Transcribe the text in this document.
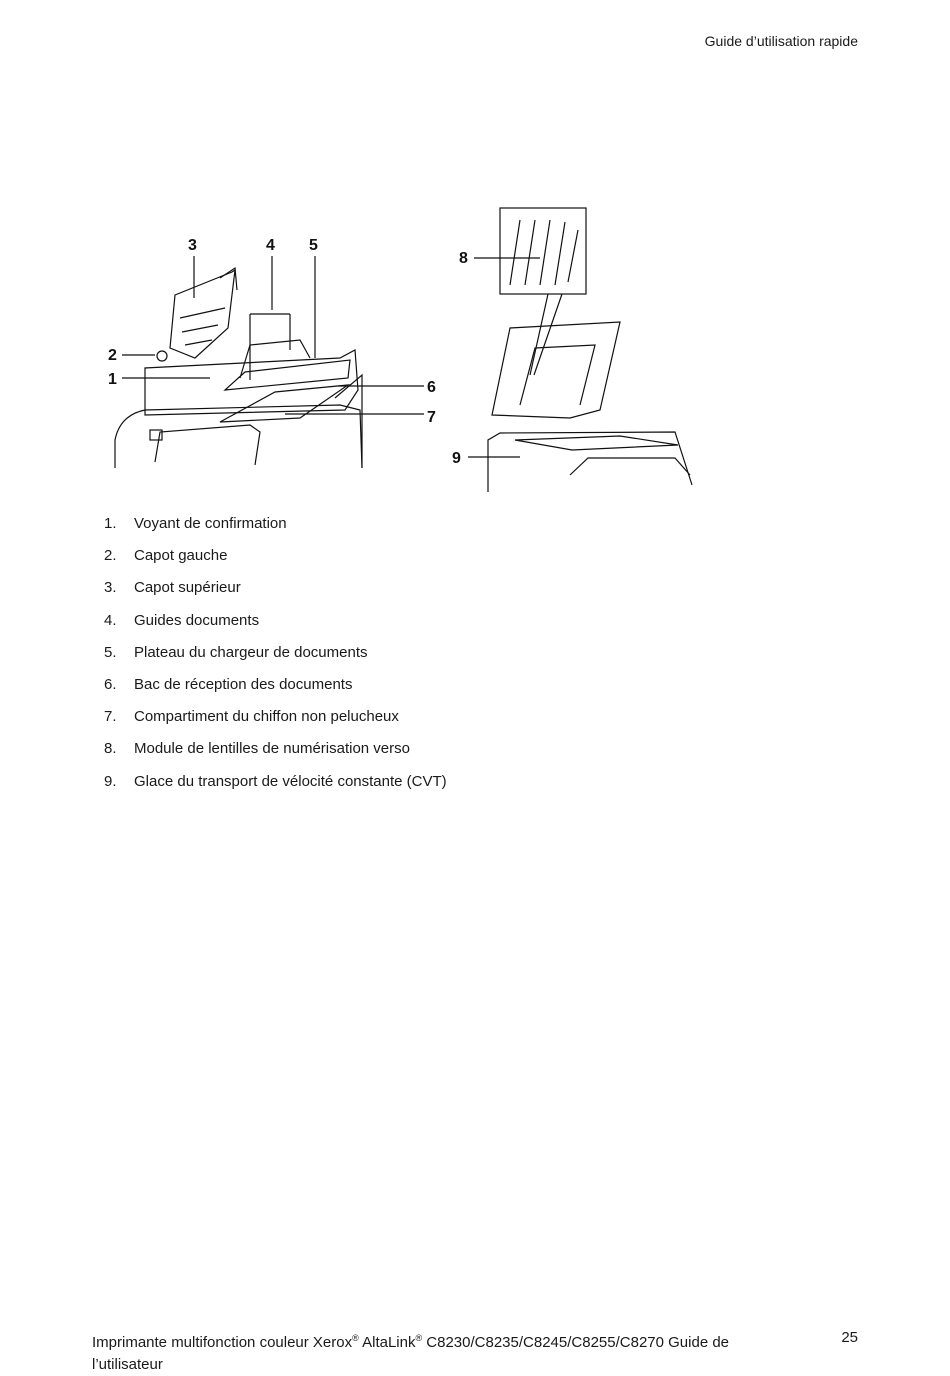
Guide d’utilisation rapide
3	4 5
2
1	6
7
8
9
1.	Voyant de confirmation
2.	Capot gauche
3.	Capot supérieur
4.	Guides documents
5.	Plateau du chargeur de documents
6.	Bac de réception des documents
7.	Compartiment du chiffon non pelucheux
8.	Module de lentilles de numérisation verso
9.	Glace du transport de vélocité constante (CVT)
Imprimante multifonction couleur Xerox® AltaLink® C8230/C8235/C8245/C8255/C8270 Guide de l’utilisateur
25
